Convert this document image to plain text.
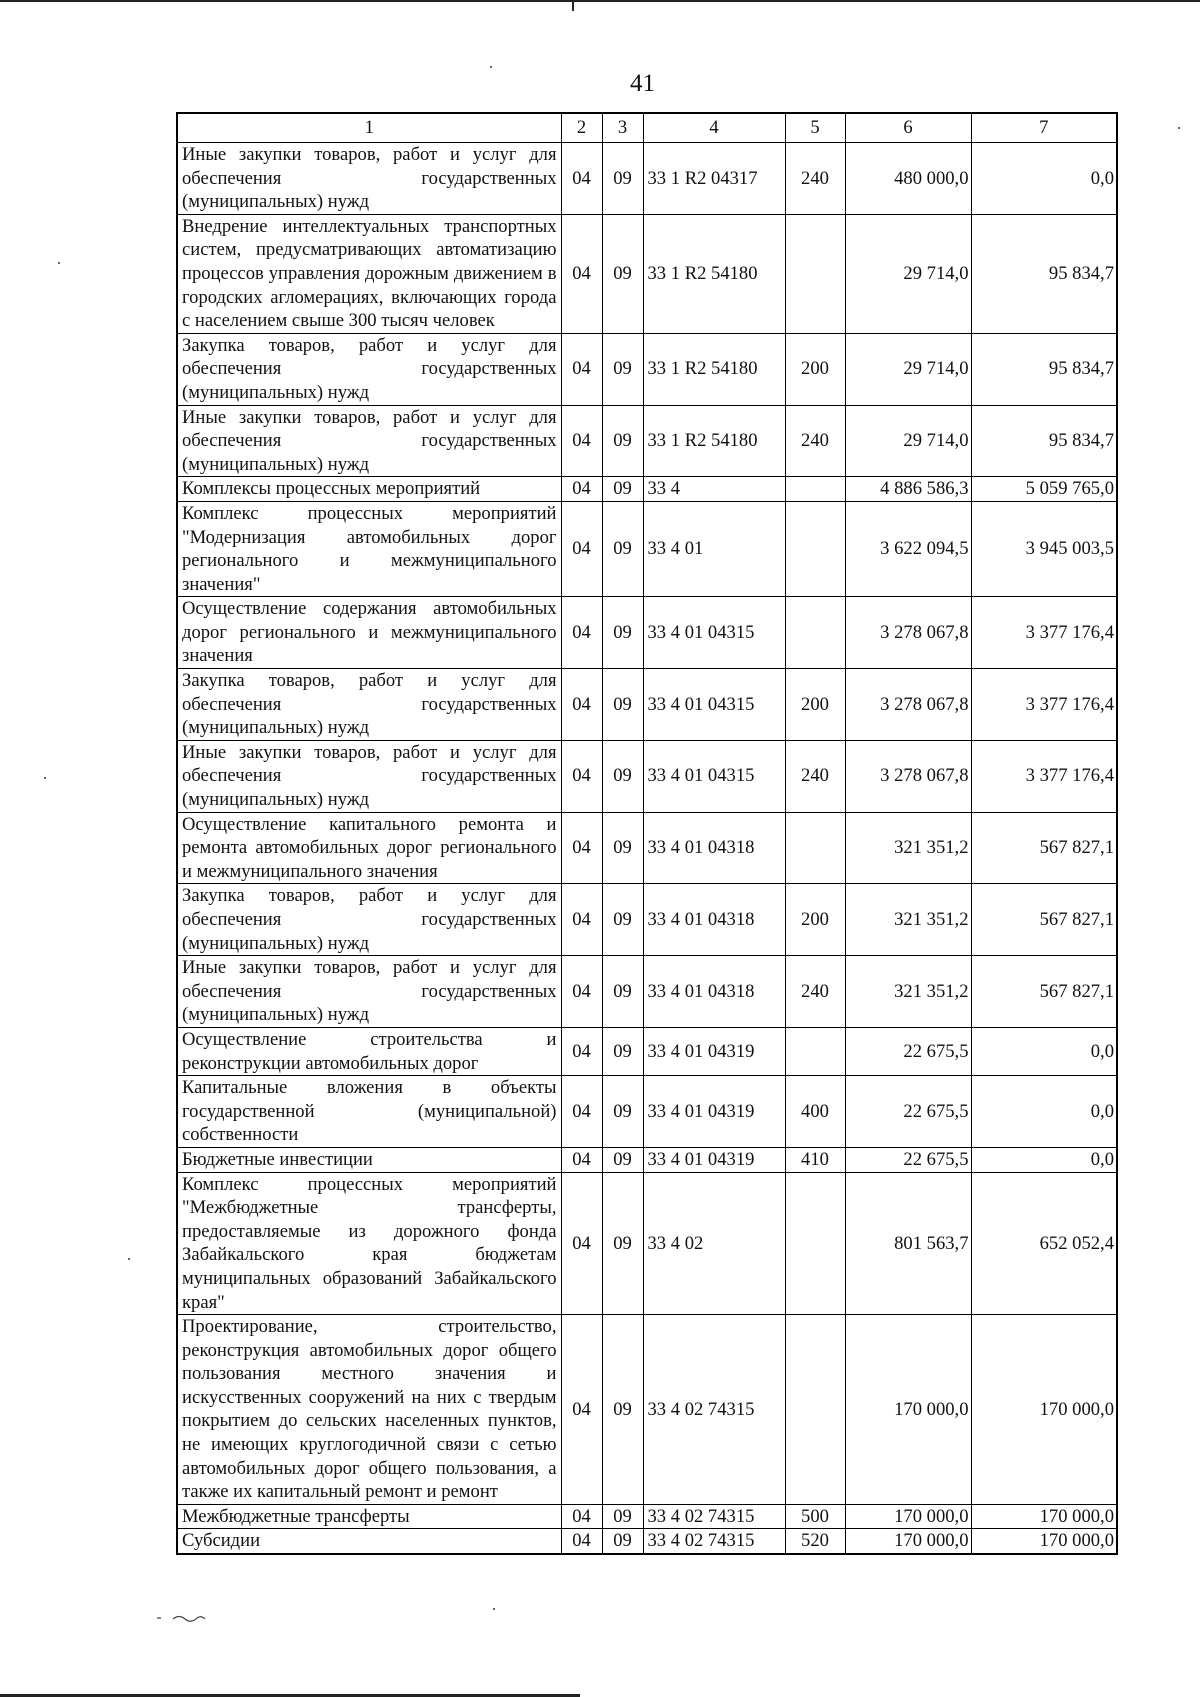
41
1	2	3	4	5	6	7
Иные закупки товаров, работ и услуг для обеспечения государственных (муниципальных) нужд	04	09	33 1 R2 04317	240	480 000,0	0,0
Внедрение интеллектуальных транспортных систем, предусматривающих автоматизацию процессов управления дорожным движением в городских агломерациях, включающих города с населением свыше 300 тысяч человек	04	09	33 1 R2 54180		29 714,0	95 834,7
Закупка товаров, работ и услуг для обеспечения государственных (муниципальных) нужд	04	09	33 1 R2 54180	200	29 714,0	95 834,7
Иные закупки товаров, работ и услуг для обеспечения государственных (муниципальных) нужд	04	09	33 1 R2 54180	240	29 714,0	95 834,7
Комплексы процессных мероприятий	04	09	33 4		4 886 586,3	5 059 765,0
Комплекс процессных мероприятий "Модернизация автомобильных дорог регионального и межмуниципального значения"	04	09	33 4 01		3 622 094,5	3 945 003,5
Осуществление содержания автомобильных дорог регионального и межмуниципального значения	04	09	33 4 01 04315		3 278 067,8	3 377 176,4
Закупка товаров, работ и услуг для обеспечения государственных (муниципальных) нужд	04	09	33 4 01 04315	200	3 278 067,8	3 377 176,4
Иные закупки товаров, работ и услуг для обеспечения государственных (муниципальных) нужд	04	09	33 4 01 04315	240	3 278 067,8	3 377 176,4
Осуществление капитального ремонта и ремонта автомобильных дорог регионального и межмуниципального значения	04	09	33 4 01 04318		321 351,2	567 827,1
Закупка товаров, работ и услуг для обеспечения государственных (муниципальных) нужд	04	09	33 4 01 04318	200	321 351,2	567 827,1
Иные закупки товаров, работ и услуг для обеспечения государственных (муниципальных) нужд	04	09	33 4 01 04318	240	321 351,2	567 827,1
Осуществление строительства и реконструкции автомобильных дорог	04	09	33 4 01 04319		22 675,5	0,0
Капитальные вложения в объекты государственной (муниципальной) собственности	04	09	33 4 01 04319	400	22 675,5	0,0
Бюджетные инвестиции	04	09	33 4 01 04319	410	22 675,5	0,0
Комплекс процессных мероприятий "Межбюджетные трансферты, предоставляемые из дорожного фонда Забайкальского края бюджетам муниципальных образований Забайкальского края"	04	09	33 4 02		801 563,7	652 052,4
Проектирование, строительство, реконструкция автомобильных дорог общего пользования местного значения и искусственных сооружений на них с твердым покрытием до сельских населенных пунктов, не имеющих круглогодичной связи с сетью автомобильных дорог общего пользования, а также их капитальный ремонт и ремонт	04	09	33 4 02 74315		170 000,0	170 000,0
Межбюджетные трансферты	04	09	33 4 02 74315	500	170 000,0	170 000,0
Субсидии	04	09	33 4 02 74315	520	170 000,0	170 000,0
